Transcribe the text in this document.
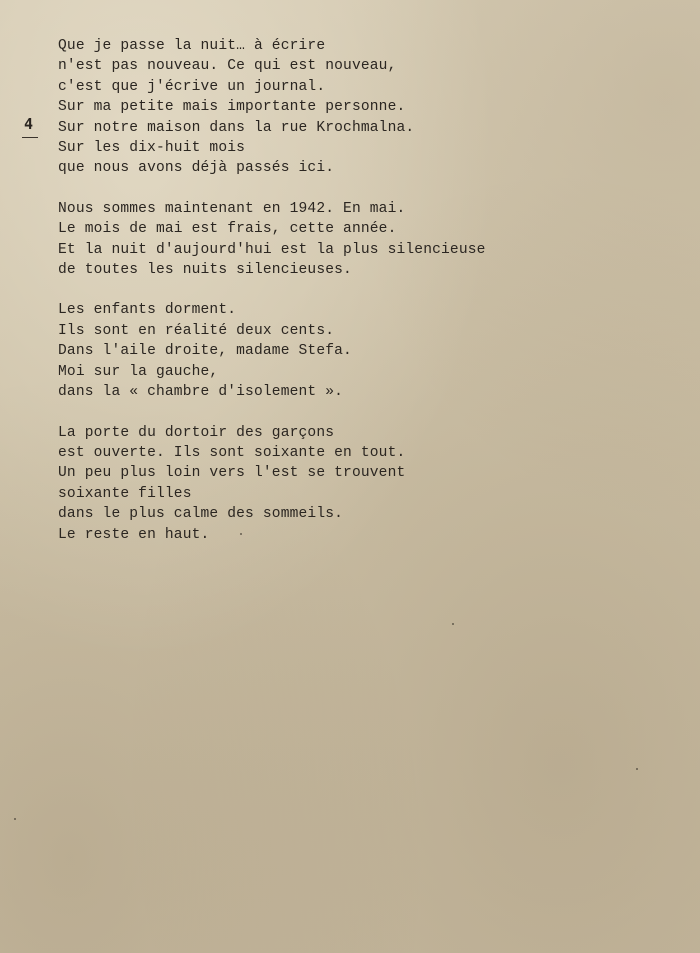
4
Que je passe la nuit… à écrire
n'est pas nouveau. Ce qui est nouveau,
c'est que j'écrive un journal.
Sur ma petite mais importante personne.
Sur notre maison dans la rue Krochmalna.
Sur les dix-huit mois
que nous avons déjà passés ici.
Nous sommes maintenant en 1942. En mai.
Le mois de mai est frais, cette année.
Et la nuit d'aujourd'hui est la plus silencieuse
de toutes les nuits silencieuses.
Les enfants dorment.
Ils sont en réalité deux cents.
Dans l'aile droite, madame Stefa.
Moi sur la gauche,
dans la « chambre d'isolement ».
La porte du dortoir des garçons
est ouverte. Ils sont soixante en tout.
Un peu plus loin vers l'est se trouvent
soixante filles
dans le plus calme des sommeils.
Le reste en haut.
